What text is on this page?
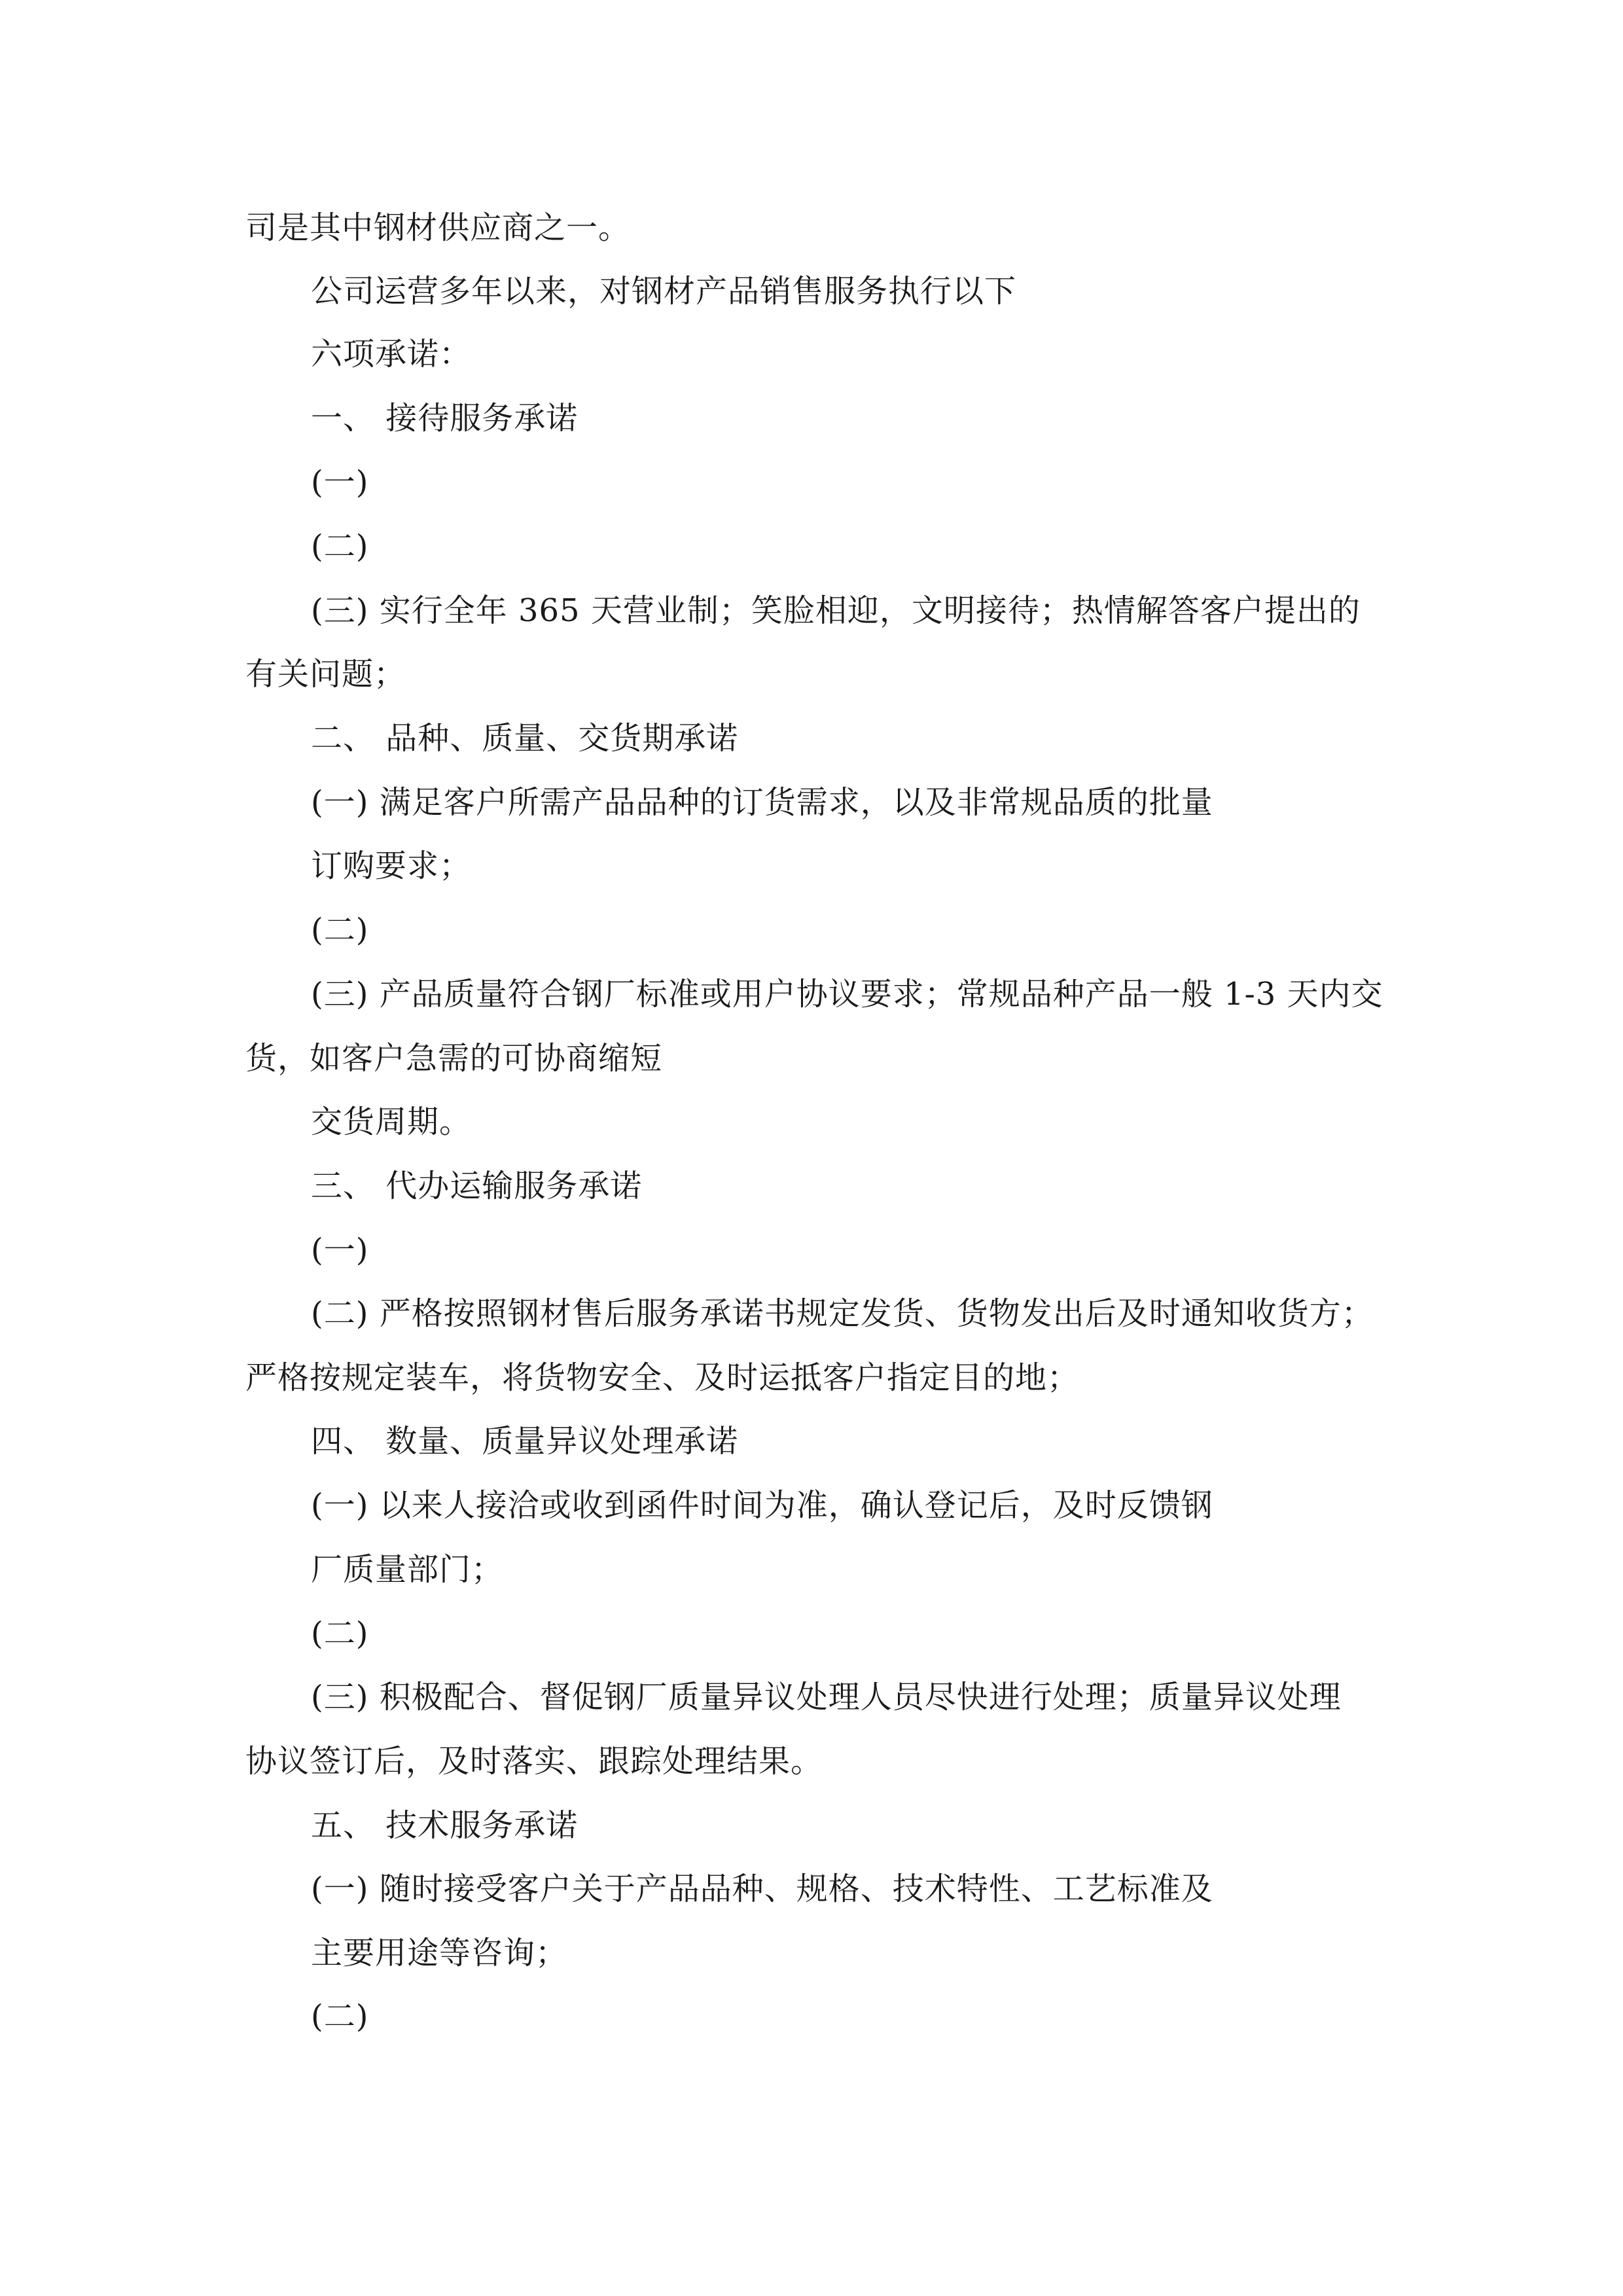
司是其中钢材供应商之一。
公司运营多年以来，对钢材产品销售服务执行以下
六项承诺：
一、 接待服务承诺
(一)
(二)
(三) 实行全年 365 天营业制；笑脸相迎，文明接待；热情解答客户提出的
有关问题；
二、 品种、质量、交货期承诺
(一) 满足客户所需产品品种的订货需求，以及非常规品质的批量
订购要求；
(二)
(三) 产品质量符合钢厂标准或用户协议要求；常规品种产品一般 1-3 天内交
货，如客户急需的可协商缩短
交货周期。
三、 代办运输服务承诺
(一)
(二) 严格按照钢材售后服务承诺书规定发货、货物发出后及时通知收货方；
严格按规定装车，将货物安全、及时运抵客户指定目的地；
四、 数量、质量异议处理承诺
(一) 以来人接洽或收到函件时间为准，确认登记后，及时反馈钢
厂质量部门；
(二)
(三) 积极配合、督促钢厂质量异议处理人员尽快进行处理；质量异议处理
协议签订后，及时落实、跟踪处理结果。
五、 技术服务承诺
(一) 随时接受客户关于产品品种、规格、技术特性、工艺标准及
主要用途等咨询；
(二)
